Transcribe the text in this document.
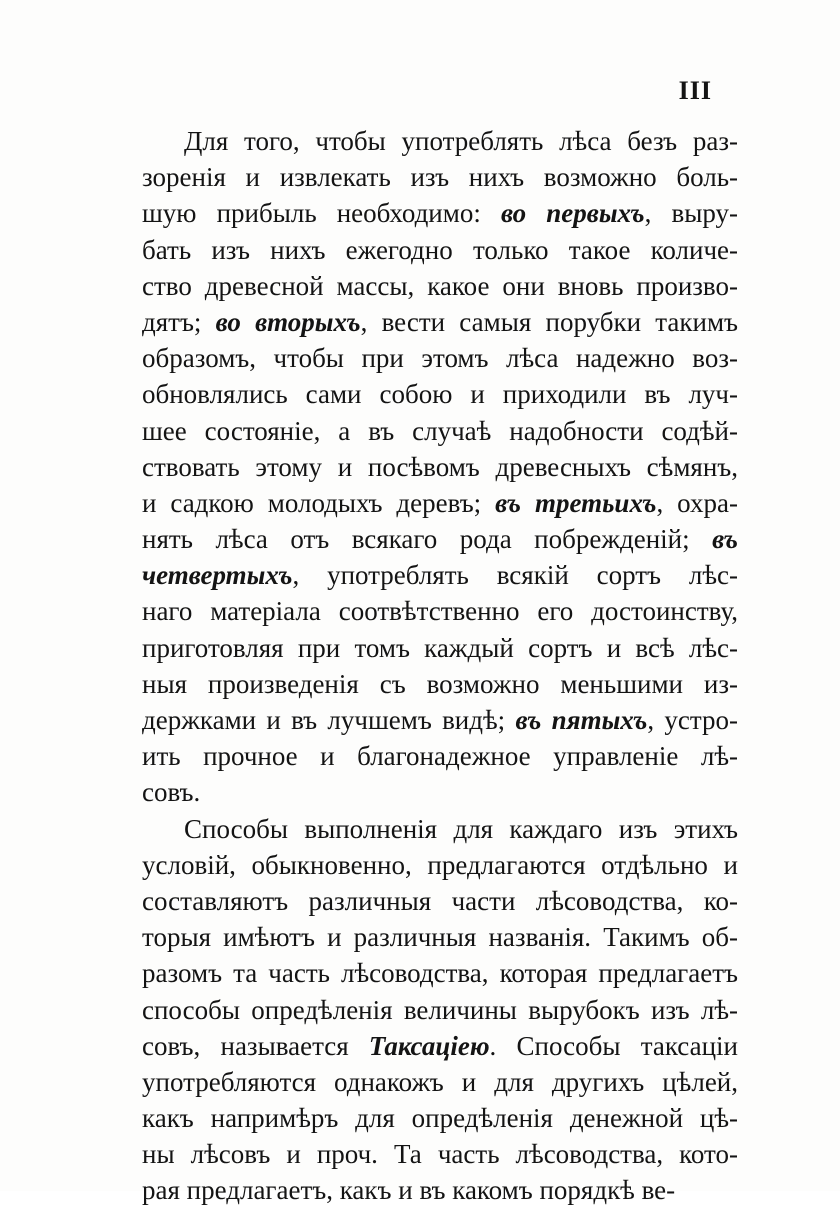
III
Для того, чтобы употреблять лѣса безъ раз-
зоренія и извлекать изъ нихъ возможно боль-
шую прибыль необходимо: во первыхъ, выру-
бать изъ нихъ ежегодно только такое количе-
ство древесной массы, какое они вновь произво-
дятъ; во вторыхъ, вести самыя порубки такимъ
образомъ, чтобы при этомъ лѣса надежно воз-
обновлялись сами собою и приходили въ луч-
шее состояніе, а въ случаѣ надобности содѣй-
ствовать этому и посѣвомъ древесныхъ сѣмянъ,
и садкою молодыхъ деревъ; въ третьихъ, охра-
нять лѣса отъ всякаго рода побрежденій; въ
четвертыхъ, употреблять всякій сортъ лѣс-
наго матеріала соотвѣтственно его достоинству,
приготовляя при томъ каждый сортъ и всѣ лѣс-
ныя произведенія съ возможно меньшими из-
держками и въ лучшемъ видѣ; въ пятыхъ, устро-
ить прочное и благонадежное управленіе лѣ-
совъ.
Способы выполненія для каждаго изъ этихъ
условій, обыкновенно, предлагаются отдѣльно и
составляютъ различныя части лѣсоводства, ко-
торыя имѣютъ и различныя названія. Такимъ об-
разомъ та часть лѣсоводства, которая предлагаетъ
способы опредѣленія величины вырубокъ изъ лѣ-
совъ, называется Таксаціею. Способы таксаціи
употребляются однакожъ и для другихъ цѣлей,
какъ напримѣръ для опредѣленія денежной цѣ-
ны лѣсовъ и проч. Та часть лѣсоводства, кото-
рая предлагаетъ, какъ и въ какомъ порядкѣ ве-
